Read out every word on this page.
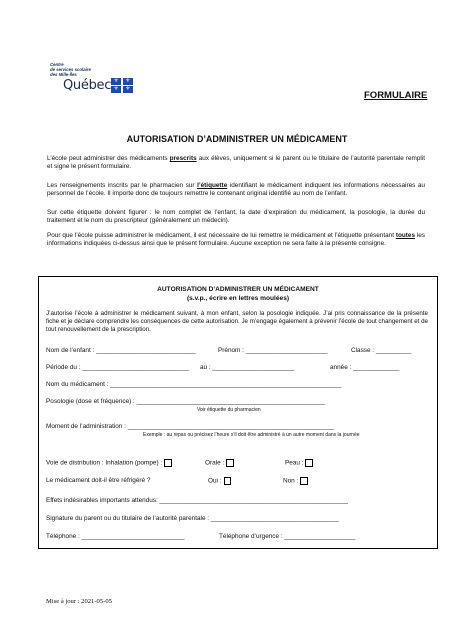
Centre
de services scolaire
des Mille-Îles
Québec ⚜	⚜
⚜	⚜
FORMULAIRE
AUTORISATION D’ADMINISTRER UN MÉDICAMENT
L’école peut administrer des médicaments prescrits aux élèves, uniquement si le parent ou le titulaire de l’autorité parentale remplit et signe le présent formulaire.
Les renseignements inscrits par le pharmacien sur l’étiquette identifiant le médicament indiquent les informations nécessaires au personnel de l’école. Il importe donc de toujours remettre le contenant original identifié au nom de l’enfant.
Sur cette étiquette doivent figurer : le nom complet de l’enfant, la date d’expiration du médicament, la posologie, la durée du traitement et le nom du prescripteur (généralement un médecin).
Pour que l’école puisse administrer le médicament, il est nécessaire de lui remettre le médicament et l’étiquette présentant toutes les informations indiquées ci-dessus ainsi que le présent formulaire. Aucune exception ne sera faite à la présente consigne.
AUTORISATION D’ADMINISTRER UN MÉDICAMENT
(s.v.p., écrire en lettres moulées)
J’autorise l’école à administrer le médicament suivant, à mon enfant, selon la posologie indiquée. J’ai pris connaissance de la présente fiche et je déclare comprendre les conséquences de cette autorisation. Je m’engage également à prévenir l’école de tout changement et de tout renouvellement de la prescription.
Nom de l’enfant : ____________________________	Prénom : _______________________	Classe : __________
Période du : ______________________________ au : _______________________	année : _____________
Nom du médicament : _________________________________________________________________
Posologie (dose et fréquence) : _____________________________________________________
Voir étiquette du pharmacien
Moment de l’administration : __________________________________________________________
Exemple : au repas ou précisez l’heure s’il doit être administré à un autre moment dans la journée
Voie de distribution : Inhalation (pompe) :	Orale :	Peau :
Le médicament doit-il être réfrigéré ?	Oui :	Non :
Effets indésirables importants attendus: _____________________________________________________
Signature du parent ou du titulaire de l’autorité parentale : ____________________________________
Téléphone : _____________________________	Téléphone d’urgence : ____________________
Mise à jour : 2021-05-05
